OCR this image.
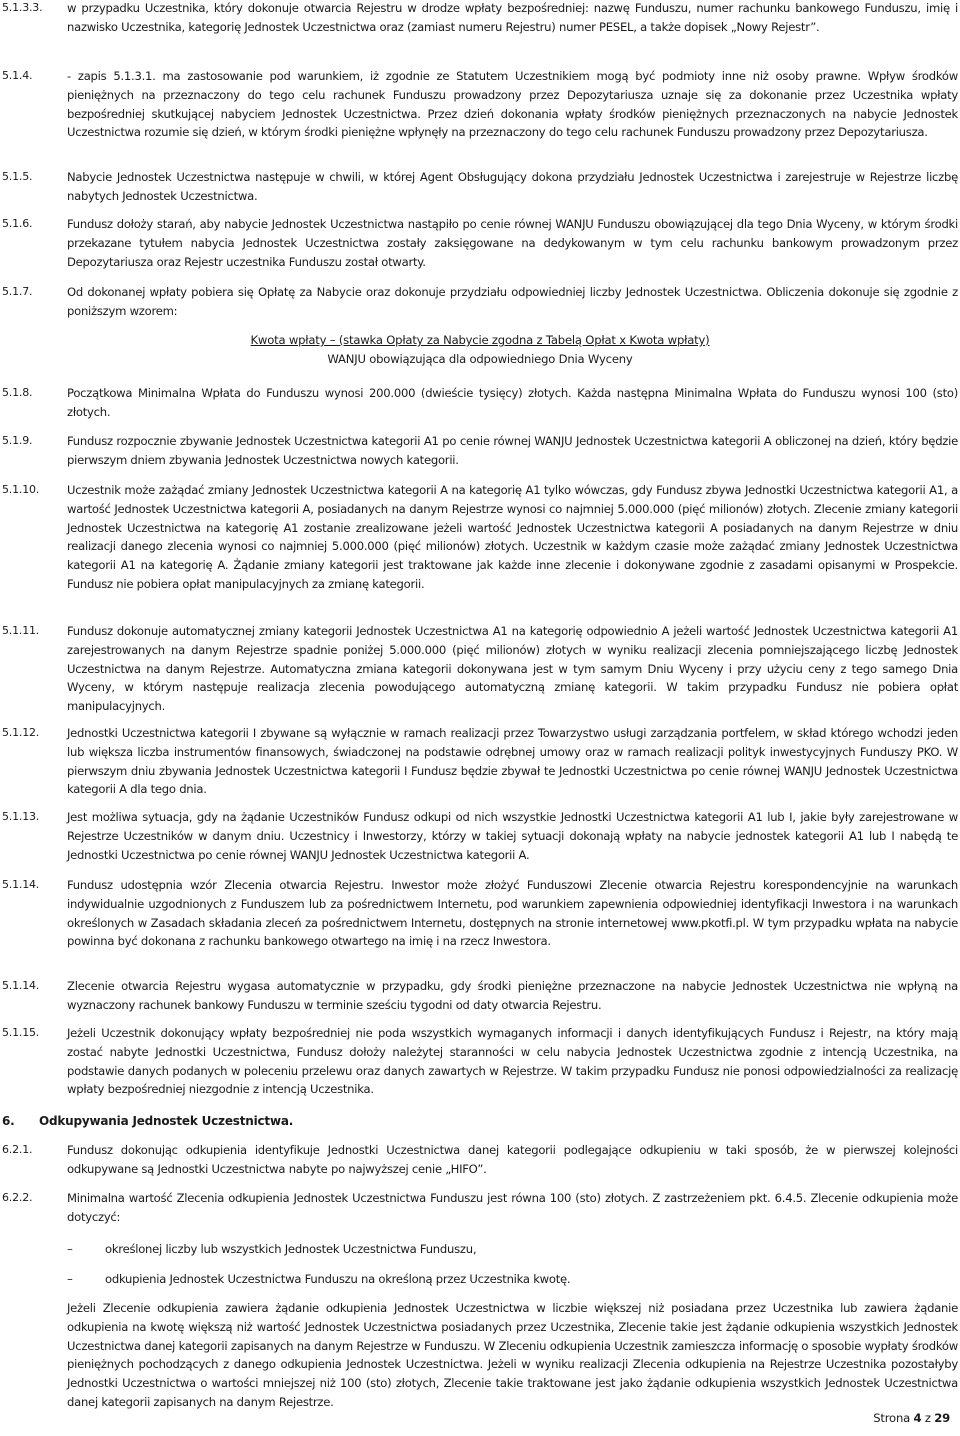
5.1.3.3. w przypadku Uczestnika, który dokonuje otwarcia Rejestru w drodze wpłaty bezpośredniej: nazwę Funduszu, numer rachunku bankowego Funduszu, imię i nazwisko Uczestnika, kategorię Jednostek Uczestnictwa oraz (zamiast numeru Rejestru) numer PESEL, a także dopisek „Nowy Rejestr”.

5.1.4.	- zapis 5.1.3.1. ma zastosowanie pod warunkiem, iż zgodnie ze Statutem Uczestnikiem mogą być podmioty inne niż osoby prawne. Wpływ środków pieniężnych na przeznaczony do tego celu rachunek Funduszu prowadzony przez Depozytariusza uznaje się za dokonanie przez Uczestnika wpłaty bezpośredniej skutkującej nabyciem Jednostek Uczestnictwa. Przez dzień dokonania wpłaty środków pieniężnych przeznaczonych na nabycie Jednostek Uczestnictwa rozumie się dzień, w którym środki pieniężne wpłynęły na przeznaczony do tego celu rachunek Funduszu prowadzony przez Depozytariusza.

5.1.5.	Nabycie Jednostek Uczestnictwa następuje w chwili, w której Agent Obsługujący dokona przydziału Jednostek Uczestnictwa i zarejestruje w Rejestrze liczbę nabytych Jednostek Uczestnictwa.

5.1.6.	Fundusz dołoży starań, aby nabycie Jednostek Uczestnictwa nastąpiło po cenie równej WANJU Funduszu obowiązującej dla tego Dnia Wyceny, w którym środki przekazane tytułem nabycia Jednostek Uczestnictwa zostały zaksięgowane na dedykowanym w tym celu rachunku bankowym prowadzonym przez Depozytariusza oraz Rejestr uczestnika Funduszu został otwarty.

5.1.7.	Od dokonanej wpłaty pobiera się Opłatę za Nabycie oraz dokonuje przydziału odpowiedniej liczby Jednostek Uczestnictwa. Obliczenia dokonuje się zgodnie z poniższym wzorem:

Kwota wpłaty – (stawka Opłaty za Nabycie zgodna z Tabelą Opłat x Kwota wpłaty)
WANJU obowiązująca dla odpowiedniego Dnia Wyceny
5.1.8.	Początkowa Minimalna Wpłata do Funduszu wynosi 200.000 (dwieście tysięcy) złotych. Każda następna Minimalna Wpłata do Funduszu wynosi 100 (sto) złotych.

5.1.9.	Fundusz rozpocznie zbywanie Jednostek Uczestnictwa kategorii A1 po cenie równej WANJU Jednostek Uczestnictwa kategorii A obliczonej na dzień, który będzie pierwszym dniem zbywania Jednostek Uczestnictwa nowych kategorii.

5.1.10. Uczestnik może zażądać zmiany Jednostek Uczestnictwa kategorii A na kategorię A1 tylko wówczas, gdy Fundusz zbywa Jednostki Uczestnictwa kategorii A1, a wartość Jednostek Uczestnictwa kategorii A, posiadanych na danym Rejestrze wynosi co najmniej 5.000.000 (pięć milionów) złotych. Zlecenie zmiany kategorii Jednostek Uczestnictwa na kategorię A1 zostanie zrealizowane jeżeli wartość Jednostek Uczestnictwa kategorii A posiadanych na danym Rejestrze w dniu realizacji danego zlecenia wynosi co najmniej 5.000.000 (pięć milionów) złotych. Uczestnik w każdym czasie może zażądać zmiany Jednostek Uczestnictwa kategorii A1 na kategorię A. Żądanie zmiany kategorii jest traktowane jak każde inne zlecenie i dokonywane zgodnie z zasadami opisanymi w Prospekcie. Fundusz nie pobiera opłat manipulacyjnych za zmianę kategorii.

5.1.11. Fundusz dokonuje automatycznej zmiany kategorii Jednostek Uczestnictwa A1 na kategorię odpowiednio A jeżeli wartość Jednostek Uczestnictwa kategorii A1 zarejestrowanych na danym Rejestrze spadnie poniżej 5.000.000 (pięć milionów) złotych w wyniku realizacji zlecenia pomniejszającego liczbę Jednostek Uczestnictwa na danym Rejestrze. Automatyczna zmiana kategorii dokonywana jest w tym samym Dniu Wyceny i przy użyciu ceny z tego samego Dnia Wyceny, w którym następuje realizacja zlecenia powodującego automatyczną zmianę kategorii. W takim przypadku Fundusz nie pobiera opłat manipulacyjnych.

5.1.12. Jednostki Uczestnictwa kategorii I zbywane są wyłącznie w ramach realizacji przez Towarzystwo usługi zarządzania portfelem, w skład którego wchodzi jeden lub większa liczba instrumentów finansowych, świadczonej na podstawie odrębnej umowy oraz w ramach realizacji polityk inwestycyjnych Funduszy PKO. W pierwszym dniu zbywania Jednostek Uczestnictwa kategorii I Fundusz będzie zbywał te Jednostki Uczestnictwa po cenie równej WANJU Jednostek Uczestnictwa kategorii A dla tego dnia.

5.1.13. Jest możliwa sytuacja, gdy na żądanie Uczestników Fundusz odkupi od nich wszystkie Jednostki Uczestnictwa kategorii A1 lub I, jakie były zarejestrowane w Rejestrze Uczestników w danym dniu. Uczestnicy i Inwestorzy, którzy w takiej sytuacji dokonają wpłaty na nabycie jednostek kategorii A1 lub I nabędą te Jednostki Uczestnictwa po cenie równej WANJU Jednostek Uczestnictwa kategorii A.

5.1.14. Fundusz udostępnia wzór Zlecenia otwarcia Rejestru. Inwestor może złożyć Funduszowi Zlecenie otwarcia Rejestru korespondencyjnie na warunkach indywidualnie uzgodnionych z Funduszem lub za pośrednictwem Internetu, pod warunkiem zapewnienia odpowiedniej identyfikacji Inwestora i na warunkach określonych w Zasadach składania zleceń za pośrednictwem Internetu, dostępnych na stronie internetowej www.pkotfi.pl. W tym przypadku wpłata na nabycie powinna być dokonana z rachunku bankowego otwartego na imię i na rzecz Inwestora.

5.1.14. Zlecenie otwarcia Rejestru wygasa automatycznie w przypadku, gdy środki pieniężne przeznaczone na nabycie Jednostek Uczestnictwa nie wpłyną na wyznaczony rachunek bankowy Funduszu w terminie sześciu tygodni od daty otwarcia Rejestru.

5.1.15. Jeżeli Uczestnik dokonujący wpłaty bezpośredniej nie poda wszystkich wymaganych informacji i danych identyfikujących Fundusz i Rejestr, na który mają zostać nabyte Jednostki Uczestnictwa, Fundusz dołoży należytej staranności w celu nabycia Jednostek Uczestnictwa zgodnie z intencją Uczestnika, na podstawie danych podanych w poleceniu przelewu oraz danych zawartych w Rejestrze. W takim przypadku Fundusz nie ponosi odpowiedzialności za realizację wpłaty bezpośredniej niezgodnie z intencją Uczestnika.

6. Odkupywania Jednostek Uczestnictwa.
6.2.1.	Fundusz dokonując odkupienia identyfikuje Jednostki Uczestnictwa danej kategorii podlegające odkupieniu w taki sposób, że w pierwszej kolejności odkupywane są Jednostki Uczestnictwa nabyte po najwyższej cenie „HIFO”.

6.2.2.	Minimalna wartość Zlecenia odkupienia Jednostek Uczestnictwa Funduszu jest równa 100 (sto) złotych. Z zastrzeżeniem pkt. 6.4.5. Zlecenie odkupienia może dotyczyć:

–	określonej liczby lub wszystkich Jednostek Uczestnictwa Funduszu,
–	odkupienia Jednostek Uczestnictwa Funduszu na określoną przez Uczestnika kwotę.

Jeżeli Zlecenie odkupienia zawiera żądanie odkupienia Jednostek Uczestnictwa w liczbie większej niż posiadana przez Uczestnika lub zawiera żądanie odkupienia na kwotę większą niż wartość Jednostek Uczestnictwa posiadanych przez Uczestnika, Zlecenie takie jest żądanie odkupienia wszystkich Jednostek Uczestnictwa danej kategorii zapisanych na danym Rejestrze w Funduszu. W Zleceniu odkupienia Uczestnik zamieszcza informację o sposobie wypłaty środków pieniężnych pochodzących z danego odkupienia Jednostek Uczestnictwa. Jeżeli w wyniku realizacji Zlecenia odkupienia na Rejestrze Uczestnika pozostałyby Jednostki Uczestnictwa o wartości mniejszej niż 100 (sto) złotych, Zlecenie takie traktowane jest jako żądanie odkupienia wszystkich Jednostek Uczestnictwa danej kategorii zapisanych na danym Rejestrze.

Strona 4 z 29
